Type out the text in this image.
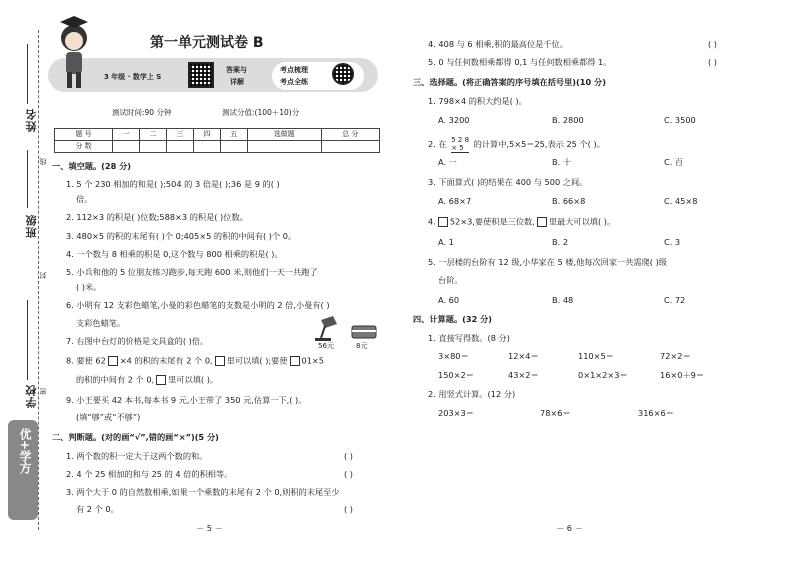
姓名
班级
学校
线
封
密
优+学方
第一单元测试卷 B
3 年级 · 数学上 S
答案与
详解
考点梳理
考点全练
测试时间:90 分钟	测试分值:(100＋10)分
题 号	一	二	三	四	五	选做题	总 分
分 数							
一、填空题。(28 分)
1. 5 个 230 相加的和是( );504 的 3 倍是( );36 是 9 的( )
倍。
2. 112×3 的积是( )位数;588×3 的积是( )位数。
3. 480×5 的积的末尾有( )个 0;405×5 的积的中间有( )个 0。
4. 一个数与 8 相乘的积是 0,这个数与 800 相乘的积是( )。
5. 小兵和他的 5 位朋友练习跑步,每天跑 600 米,则他们一天一共跑了
( )米。
6. 小明有 12 支彩色蜡笔,小曼的彩色蜡笔的支数是小明的 2 倍,小曼有( )
支彩色蜡笔。
7. 右图中台灯的价格是文具盒的( )倍。	56元	8元
8. 要使 62 ×4 的积的末尾有 2 个 0, 里可以填( );要使 01×5
的积的中间有 2 个 0, 里可以填( )。
9. 小王要买 42 本书,每本书 9 元,小王带了 350 元,估算一下,( )。
(填“够”或“不够”)
二、判断题。(对的画“√”,错的画“×”)(5 分)
1. 两个数的积一定大于这两个数的和。	( )
2. 4 个 25 相加的和与 25 的 4 倍的积相等。	( )
3. 两个大于 0 的自然数相乘,如果一个乘数的末尾有 2 个 0,则积的末尾至少
有 2 个 0。	( )
－ 5 －
4. 408 与 6 相乘,积的最高位是千位。	( )
5. 0 与任何数相乘都得 0,1 与任何数相乘都得 1。	( )
三、选择题。(将正确答案的序号填在括号里)(10 分)
1. 798×4 的积大约是( )。
A. 3200	B. 2800	C. 3500
2. 在 5 2 8
× 5	的计算中,5×5＝25,表示 25 个( )。
A. 一	B. 十	C. 百
3. 下面算式( )的结果在 400 与 500 之间。
A. 68×7	B. 66×8	C. 45×8
4. 52×3,要使积是三位数, 里最大可以填( )。
A. 1	B. 2	C. 3
5. 一层楼的台阶有 12 级,小华家在 5 楼,他每次回家一共需爬( )级
台阶。
A. 60	B. 48	C. 72
四、计算题。(32 分)
1. 直接写得数。(8 分)
3×80＝	12×4＝	110×5＝	72×2＝
150×2＝	43×2＝	0×1×2×3＝	16×0＋9＝
2. 用竖式计算。(12 分)
203×3＝	78×6＝	316×6＝
－ 6 －
